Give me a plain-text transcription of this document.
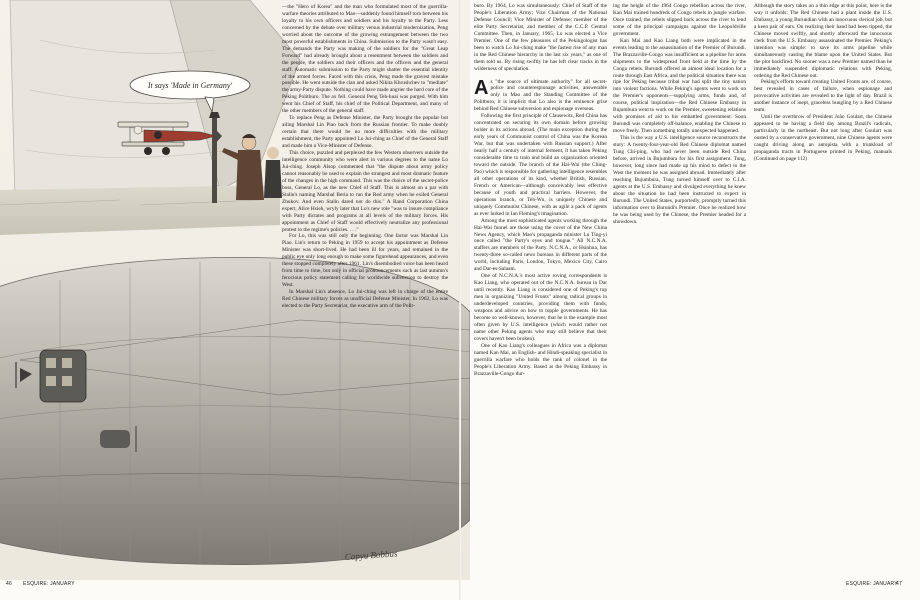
It says 'Made in Germany'
Capyu Bobbus

—the "Hero of Korea" and the man who formulated most of the guerrilla-warfare theories attributed to Mao—suddenly found himself torn between his loyalty to his own officers and soldiers and his loyalty to the Party. Less concerned by the debate over military versus industrial modernization, Peng worried about the outcome of the growing estrangement between the two most powerful establishments in China. Submission to the Party wasn't easy. The demands the Party was making of the soldiers for the "Great Leap Forward" had already brought about a resentment between the soldiers and the people, the soldiers and their officers and the officers and the general staff. Automatic submission to the Party might shatter the essential identity of the armed forces. Faced with this crisis, Peng made the gravest mistake possible. He went outside the clan and asked Nikita Khrushchev to "mediate" the army-Party dispute. Nothing could have made angrier the hard core of the Peking Politburo. The ax fell. General Peng Teh-huai was purged. With him went his Chief of Staff, his chief of the Political Department, and many of the other members of the general staff.

To replace Peng as Defense Minister, the Party brought the popular but ailing Marshal Lin Piao back from the Russian frontier. To make doubly certain that there would be no more difficulties with the military establishment, the Party appointed Lo Jui-ching as Chief of the General Staff and made him a Vice-Minister of Defense.

This choice, puzzled and perplexed the few Western observers outside the intelligence community who were alert in various degrees to the name Lo Jui-ching. Joseph Alsop commented that "the dispute about army policy cannot reasonably be used to explain the strangest and most dramatic feature of the changes in the high command. This was the choice of the secret-police boss, General Lo, as the new Chief of Staff. This is almost on a par with Stalin's naming Marshal Beria to run the Red army when he exiled General Zhukov. And even Stalin dared not do this." A Rand Corporation China expert, Alice Hsieh, wryly later that Lo's new role "was to insure compliance with Party dictates and programs at all levels of the military forces. His appointment as Chief of Staff would effectively neutralize any professional protest to the regime's policies. . . ."

For Lo, this was still only the beginning. One factor was Marshal Lin Piao. Lin's return to Peking in 1959 to accept his appointment as Defense Minister was short-lived. He had been ill for years, and remained in the public eye only long enough to make some figurehead appearances, and even these stopped completely after 1961. Lin's disembodied voice has been heard from time to time, but only in official pronouncements such as last autumn's ferocious policy statement calling for worldwide subversion to destroy the West.

In Marshal Lin's absence, Lo Jui-ching was left in charge of the entire Red Chinese military forces as unofficial Defense Minister. In 1962, Lo was elected to the Party Secretariat, the executive arm of the Polit-

buro. By 1964, Lo was simultaneously: Chief of Staff of the People's Liberation Army; Vice Chairman of the National Defense Council; Vice Minister of Defense; member of the elite Party Secretariat, and member of the C.C.P. Central Committee. Then, in January, 1965, Lo was elected a Vice Premier. One of the few pleasures of the Pekingologist has been to watch Lo Jui-ching make "the fastest rise of any man in the Red Chinese hierarchy in the last six years," as one of them told us. By rising swiftly he has left clear tracks in the wilderness of speculation.

As "the source of ultimate authority" for all secret-police and counterespionage activities, answerable only to Mao and the Standing Committee of the Politburo, it is implicit that Lo also is the eminence grise behind Red Chinese subversion and espionage overseas.

Following the first principle of Clausewitz, Red China has concentrated on securing its own domain before growing bolder in its actions abroad. (The main exception during the early years of Communist control of China was the Korean War, but that was undertaken with Russian support.) After nearly half a century of internal ferment, it has taken Peking considerable time to train and build an organization oriented toward the outside. The branch of the Hai-Wai (the Ching-Pao) which is responsible for gathering intelligence resembles all other operations of its kind, whether British, Russian, French or American—although conceivably less effective because of youth and practical barriers. However, the operations branch, or Teh-Wu, is uniquely Chinese and uniquely Communist Chinese, with as agile a pack of agents as ever lurked in Ian Fleming's imagination.

Among the most sophisticated agents working through the Hai-Wai funnel are those using the cover of the New China News Agency, which Mao's propaganda minister Lu Ting-yi once called "the Party's eyes and tongue." All N.C.N.A. staffers are members of the Party. N.C.N.A., or Hsinhua, has twenty-three so-called news bureaus in different parts of the world, including Paris, London, Tokyo, Mexico City, Cairo and Dar-es-Salaam.

One of N.C.N.A.'s most active roving correspondents is Kao Liang, who operated out of the N.C.N.A. bureau in Dar until recently. Kao Liang is considered one of Peking's top men in organizing "United Fronts" among radical groups in underdeveloped countries, providing them with funds, weapons and advice on how to topple governments. He has become so well-known, however, that he is the example most often given by U.S. intelligence (which would rather not name other Peking agents who may still believe that their covers haven't been broken).

One of Kao Liang's colleagues in Africa was a diplomat named Kan Mai, an English- and Hindi-speaking specialist in guerrilla warfare who holds the rank of colonel in the People's Liberation Army. Based at the Peking Embassy in Brazzaville-Congo dur-

ing the height of the 1964 Congo rebellion across the river, Kan Mai trained hundreds of Congo rebels in jungle warfare. Once trained, the rebels slipped back across the river to lend some of the principal campaigns against the Leopoldville government.

Kan Mai and Kao Liang both were implicated in the events leading to the assassination of the Premier of Burundi. The Brazzaville-Congo was insufficient as a pipeline for arms shipments to the widespread front held at the time by the Congo rebels. Burundi offered an almost ideal location for a route through East Africa, and the political situation there was ripe for Peking because tribal war had split the tiny nation into violent factions. While Peking's agents went to work on the Premier's opponents—supplying arms, funds and, of course, political inspiration—the Red Chinese Embassy in Bujumbura went to work on the Premier, sweetening relations with promises of aid to his embattled government. Soon Burundi was completely off-balance, enabling the Chinese to move freely. Then something totally unexpected happened.

This is the way a U.S. intelligence source reconstructs the story: A twenty-four-year-old Red Chinese diplomat named Tung Chi-ping, who had never been outside Red China before, arrived in Bujumbura for his first assignment. Tung, however, long since had made up his mind to defect to the West the moment he was assigned abroad. Immediately after reaching Bujumbura, Tung turned himself over to C.I.A. agents at the U.S. Embassy and divulged everything he knew about the situation he had been instructed to expect in Burundi. The United States, purportedly, promptly turned this information over to Burundi's Premier. Once he realized how he was being used by the Chinese, the Premier headed for a showdown.

Although the story takes on a thin edge at this point, here is the way it unfolds: The Red Chinese had a plant inside the U.S. Embassy, a young Burundian with an innocuous clerical job, but a keen pair of ears. On realizing their hand had been tipped, the Chinese moved swiftly, and shortly afterward the innocuous clerk from the U.S. Embassy assassinated the Premier. Peking's intention was simple: to save its arms pipeline while simultaneously casting the blame upon the United States. But the plot backfired. No sooner was a new Premier named than he immediately suspended diplomatic relations with Peking, ordering the Red Chinese out.

Peking's efforts toward creating United Fronts are, of course, best revealed in cases of failure, when espionage and provocative activities are revealed to the light of day. Brazil is another instance of inept, graceless bungling by a Red Chinese team.

Until the overthrow of President João Goulart, the Chinese appeared to be having a field day among Brazil's radicals, particularly in the northeast. But not long after Goulart was ousted by a conservative government, nine Chinese agents were caught driving along an autopista with a trunkload of propaganda tracts in Portuguese printed in Peking, manuals (Continued on page 112)

46 ESQUIRE: JANUARY	ESQUIRE: JANUARY
47
